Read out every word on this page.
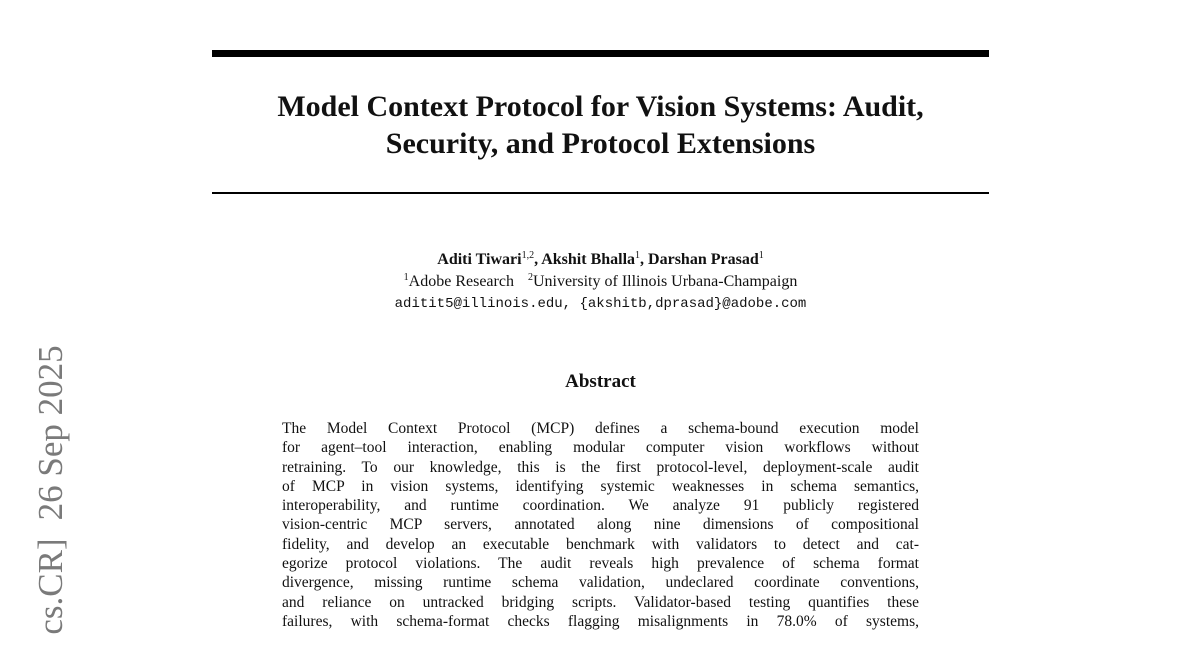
Model Context Protocol for Vision Systems: Audit,
Security, and Protocol Extensions
Aditi Tiwari$^{1,2}$, Akshit Bhalla$^1$, Darshan Prasad$^1$
$^1$Adobe Research $^2$University of Illinois Urbana-Champaign
aditit5@illinois.edu, {akshitb,dprasad}@adobe.com
Abstract
The Model Context Protocol (MCP) defines a schema-bound execution model
for agent–tool interaction, enabling modular computer vision workflows without
retraining. To our knowledge, this is the first protocol-level, deployment-scale audit
of MCP in vision systems, identifying systemic weaknesses in schema semantics,
interoperability, and runtime coordination. We analyze 91 publicly registered
vision-centric MCP servers, annotated along nine dimensions of compositional
fidelity, and develop an executable benchmark with validators to detect and cat-
egorize protocol violations. The audit reveals high prevalence of schema format
divergence, missing runtime schema validation, undeclared coordinate conventions,
and reliance on untracked bridging scripts. Validator-based testing quantifies these
failures, with schema-format checks flagging misalignments in 78.0% of systems,
cs.CR]26 Sep 2025
